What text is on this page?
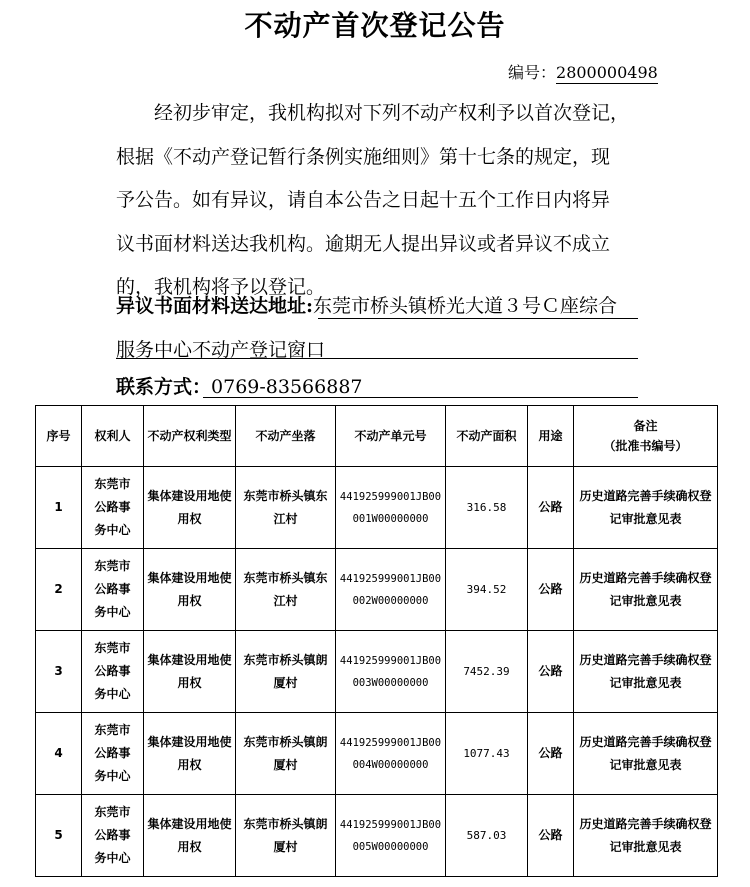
不动产首次登记公告
编号：2800000498
经初步审定，我机构拟对下列不动产权利予以首次登记，
根据《不动产登记暂行条例实施细则》第十七条的规定，现
予公告。如有异议，请自本公告之日起十五个工作日内将异
议书面材料送达我机构。逾期无人提出异议或者异议不成立
的，我机构将予以登记。
异议书面材料送达地址:东莞市桥头镇桥光大道３号Ｃ座综合
服务中心不动产登记窗口
联系方式：0769-83566887
序号	权利人	不动产权利类型	不动产坐落	不动产单元号	不动产面积	用途	备注
（批准书编号）

1	东莞市公路事务中心	集体建设用地使用权	东莞市桥头镇东江村	441925999001JB00001W00000000	316.58	公路	历史道路完善手续确权登记审批意见表
2	东莞市公路事务中心	集体建设用地使用权	东莞市桥头镇东江村	441925999001JB00002W00000000	394.52	公路	历史道路完善手续确权登记审批意见表
3	东莞市公路事务中心	集体建设用地使用权	东莞市桥头镇朗厦村	441925999001JB00003W00000000	7452.39	公路	历史道路完善手续确权登记审批意见表
4	东莞市公路事务中心	集体建设用地使用权	东莞市桥头镇朗厦村	441925999001JB00004W00000000	1077.43	公路	历史道路完善手续确权登记审批意见表
5	东莞市公路事务中心	集体建设用地使用权	东莞市桥头镇朗厦村	441925999001JB00005W00000000	587.03	公路	历史道路完善手续确权登记审批意见表
